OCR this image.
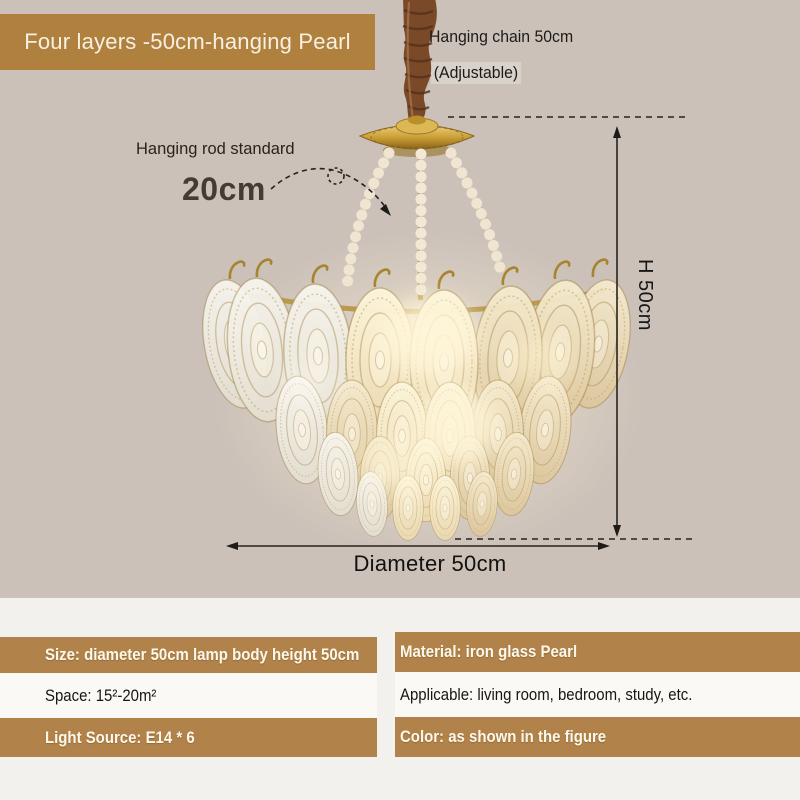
Four layers -50cm-hanging Pearl	Hanging chain 50cm
(Adjustable)
Hanging rod standard
20cm
H 50cm
Diameter 50cm
Size: diameter 50cm lamp body height 50cm
Space: 15²-20m²
Light Source: E14 * 6
Material: iron glass Pearl
Applicable: living room, bedroom, study, etc.
Color: as shown in the figure
